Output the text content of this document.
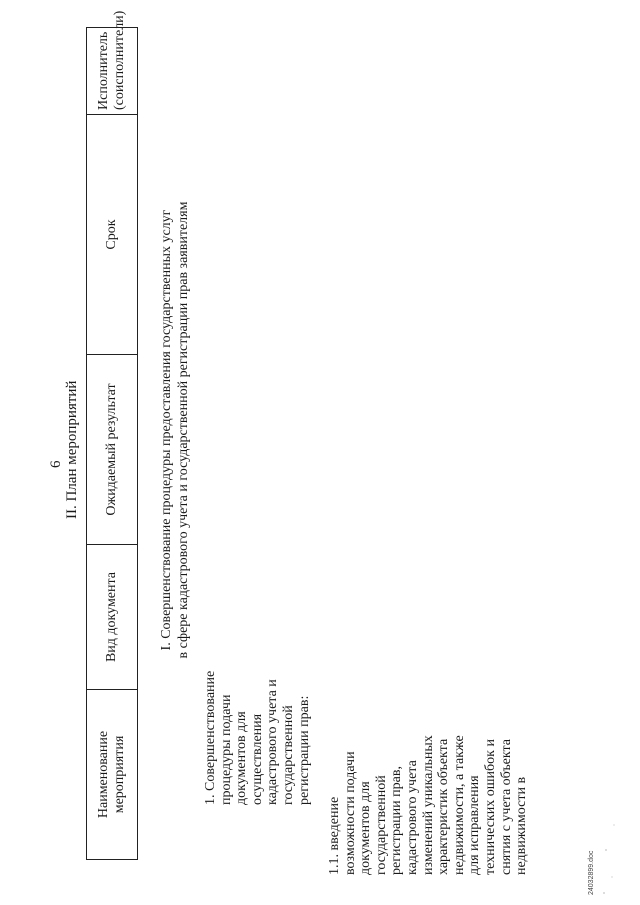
6 II. План мероприятий
Наименование мероприятия	Вид документа	Ожидаемый результат	Срок	Исполнитель (соисполнители)
I. Совершенствование процедуры предоставления государственных услуг в сфере кадастрового учета и государственной регистрации прав заявителям
1. Совершенствование процедуры подачи документов для осуществления кадастрового учета и государственной регистрации прав:
1.1. введение возможности подачи документов для государственной регистрации прав, кадастрового учета изменений уникальных характеристик объекта недвижимости, а также для исправления технических ошибок и снятия с учета объекта недвижимости в	24032899.doc
